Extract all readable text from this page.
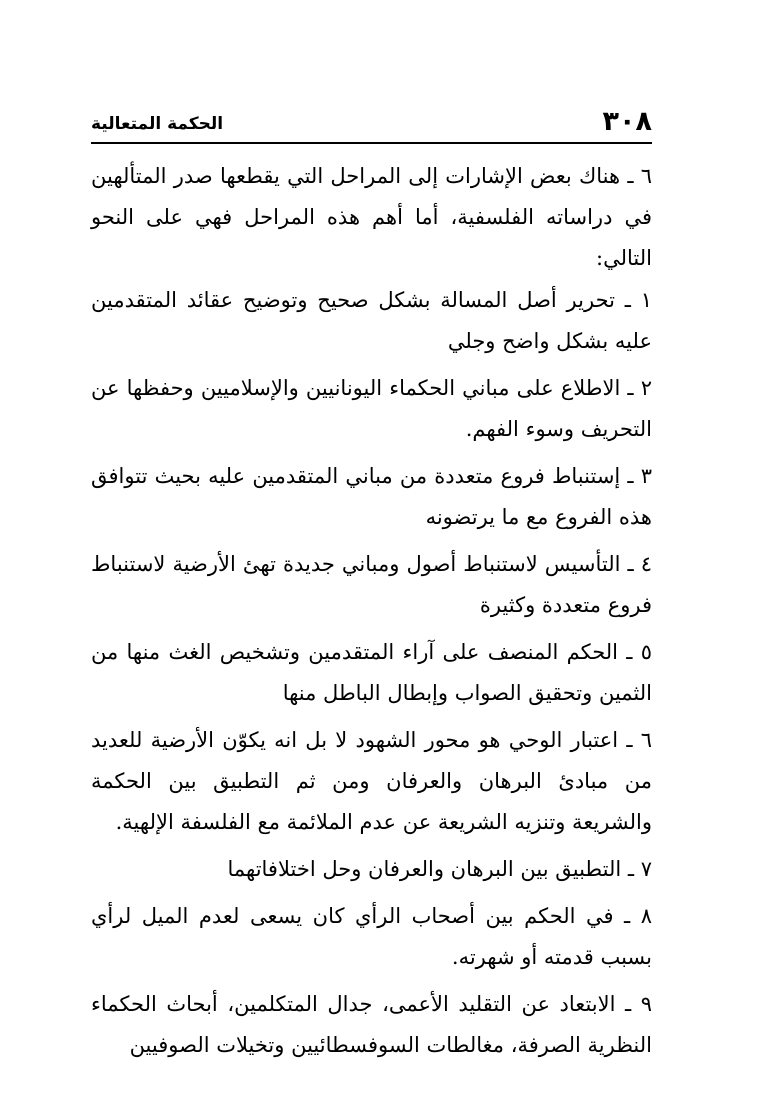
٣٠٨
الحكمة المتعالية

٦ ـ هناك بعض الإشارات إلى المراحل التي يقطعها صدر المتألهين في دراساته الفلسفية، أما أهم هذه المراحل فهي على النحو التالي:

١ ـ تحرير أصل المسالة بشكل صحيح وتوضيح عقائد المتقدمين عليه بشكل واضح وجلي

٢ ـ الاطلاع على مباني الحكماء اليونانيين والإسلاميين وحفظها عن التحريف وسوء الفهم.

٣ ـ إستنباط فروع متعددة من مباني المتقدمين عليه بحيث تتوافق هذه الفروع مع ما يرتضونه

٤ ـ التأسيس لاستنباط أصول ومباني جديدة تهئ الأرضية لاستنباط فروع متعددة وكثيرة

٥ ـ الحكم المنصف على آراء المتقدمين وتشخيص الغث منها من الثمين وتحقيق الصواب وإبطال الباطل منها

٦ ـ اعتبار الوحي هو محور الشهود لا بل انه يكوّن الأرضية للعديد من مبادئ البرهان والعرفان ومن ثم التطبيق بين الحكمة والشريعة وتنزيه الشريعة عن عدم الملائمة مع الفلسفة الإلهية.

٧ ـ التطبيق بين البرهان والعرفان وحل اختلافاتهما

٨ ـ في الحكم بين أصحاب الرأي كان يسعى لعدم الميل لرأي بسبب قدمته أو شهرته.

٩ ـ الابتعاد عن التقليد الأعمى، جدال المتكلمين، أبحاث الحكماء النظرية الصرفة، مغالطات السوفسطائيين وتخيلات الصوفيين
